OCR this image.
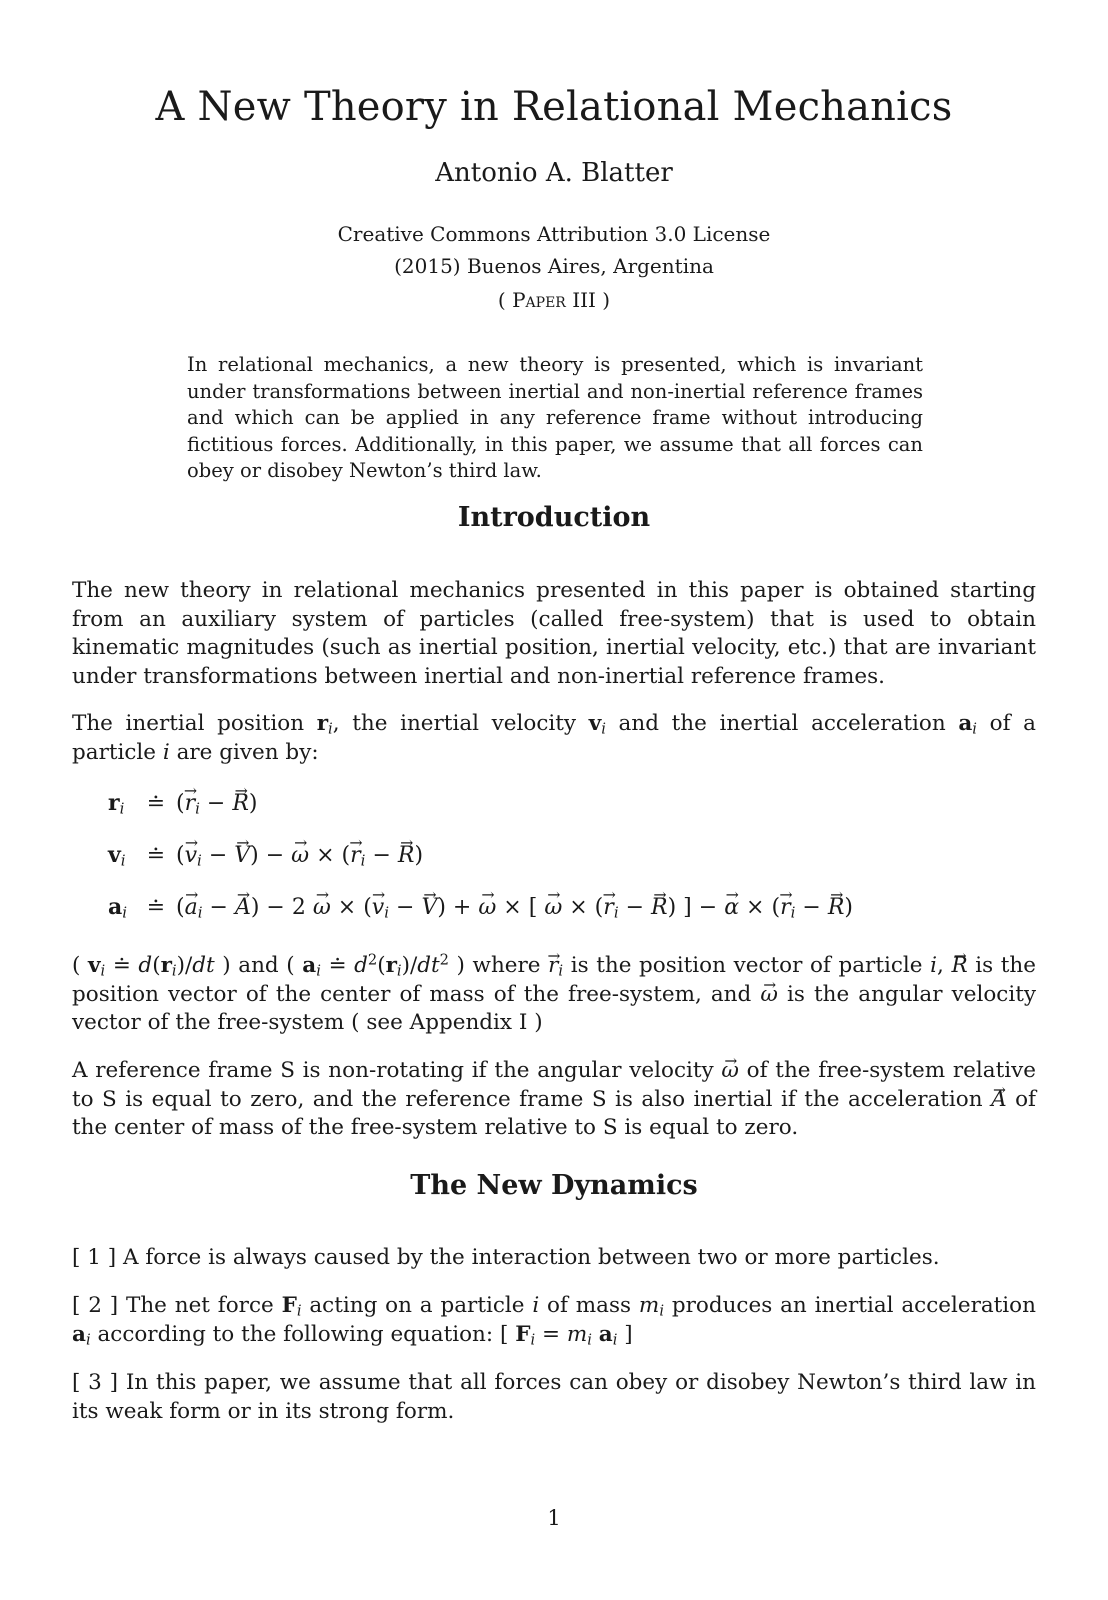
A New Theory in Relational Mechanics
Antonio A. Blatter
Creative Commons Attribution 3.0 License
(2015) Buenos Aires, Argentina
( Paper III )

In relational mechanics, a new theory is presented, which is invariant under transformations between inertial and non-inertial reference frames and which can be applied in any reference frame without introducing fictitious forces. Additionally, in this paper, we assume that all forces can obey or disobey Newton’s third law.

Introduction

The new theory in relational mechanics presented in this paper is obtained starting from an auxiliary system of particles (called free-system) that is used to obtain kinematic magnitudes (such as inertial position, inertial velocity, etc.) that are invariant under transformations between inertial and non-inertial reference frames.

The inertial position $r_i$, the inertial velocity $v_i$ and the inertial acceleration $a_i$ of a particle i are given by:

$r_i$ ≐ (→ $r_i$ − → R)
$v_i$ ≐ (→ $v_i$ − → V) − → ω × (→ $r_i$ − → R)
$a_i$ ≐ (→ $a_i$ − → A) − 2 → ω × (→ $v_i$ − → V) + → ω × [ → ω × (→ $r_i$ − → R) ] − → α × (→ $r_i$ − → R)

( $v_i$ ≐ $d(r_i)/dt$ ) and ( $a_i$ ≐ $d^2(r_i)/dt^2$ ) where → $r_i$ is the position vector of particle i, → R is the position vector of the center of mass of the free-system, and → ω is the angular velocity vector of the free-system ( see Appendix I )

A reference frame S is non-rotating if the angular velocity → ω of the free-system relative to S is equal to zero, and the reference frame S is also inertial if the acceleration → A of the center of mass of the free-system relative to S is equal to zero.

The New Dynamics

[ 1 ] A force is always caused by the interaction between two or more particles.

[ 2 ] The net force $F_i$ acting on a particle i of mass $m_i$ produces an inertial acceleration $a_i$ according to the following equation: [ $F_i = m_i$ $a_i$ ]

[ 3 ] In this paper, we assume that all forces can obey or disobey Newton’s third law in its weak form or in its strong form.

1
